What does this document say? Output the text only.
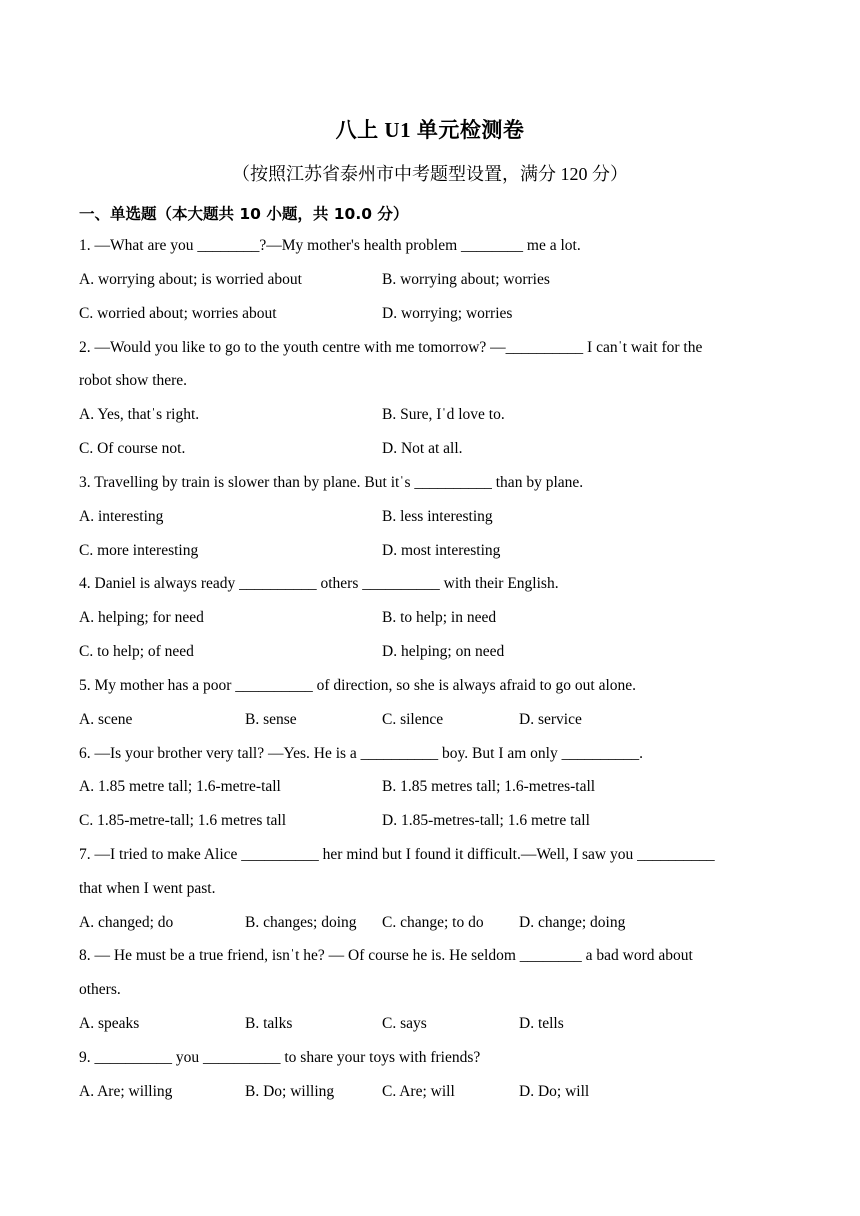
八上 U1 单元检测卷
（按照江苏省泰州市中考题型设置，满分 120 分）
一、单选题（本大题共 10 小题，共 10.0 分）
1. —What are you ________?—My mother's health problem ________ me a lot.
A. worrying about; is worried about	B. worrying about; worries
C. worried about; worries about	D. worrying; worries
2. —Would you like to go to the youth centre with me tomorrow? —__________ I canˈt wait for the
robot show there.
A. Yes, thatˈs right.	B. Sure, Iˈd love to.
C. Of course not.	D. Not at all.
3. Travelling by train is slower than by plane. But itˈs __________ than by plane.
A. interesting	B. less interesting
C. more interesting	D. most interesting
4. Daniel is always ready __________ others __________ with their English.
A. helping; for need	B. to help; in need
C. to help; of need	D. helping; on need
5. My mother has a poor __________ of direction, so she is always afraid to go out alone.
A. scene	B. sense	C. silence	D. service
6. —Is your brother very tall? —Yes. He is a __________ boy. But I am only __________.
A. 1.85 metre tall; 1.6-metre-tall	B. 1.85 metres tall; 1.6-metres-tall
C. 1.85-metre-tall; 1.6 metres tall	D. 1.85-metres-tall; 1.6 metre tall
7. —I tried to make Alice __________ her mind but I found it difficult.—Well, I saw you __________
that when I went past.
A. changed; do	B. changes; doing C. change; to do D. change; doing
8. — He must be a true friend, isnˈt he? — Of course he is. He seldom ________ a bad word about
others.
A. speaks	B. talks	C. says	D. tells
9. __________ you __________ to share your toys with friends?
A. Are; willing	B. Do; willing	C. Are; will	D. Do; will
